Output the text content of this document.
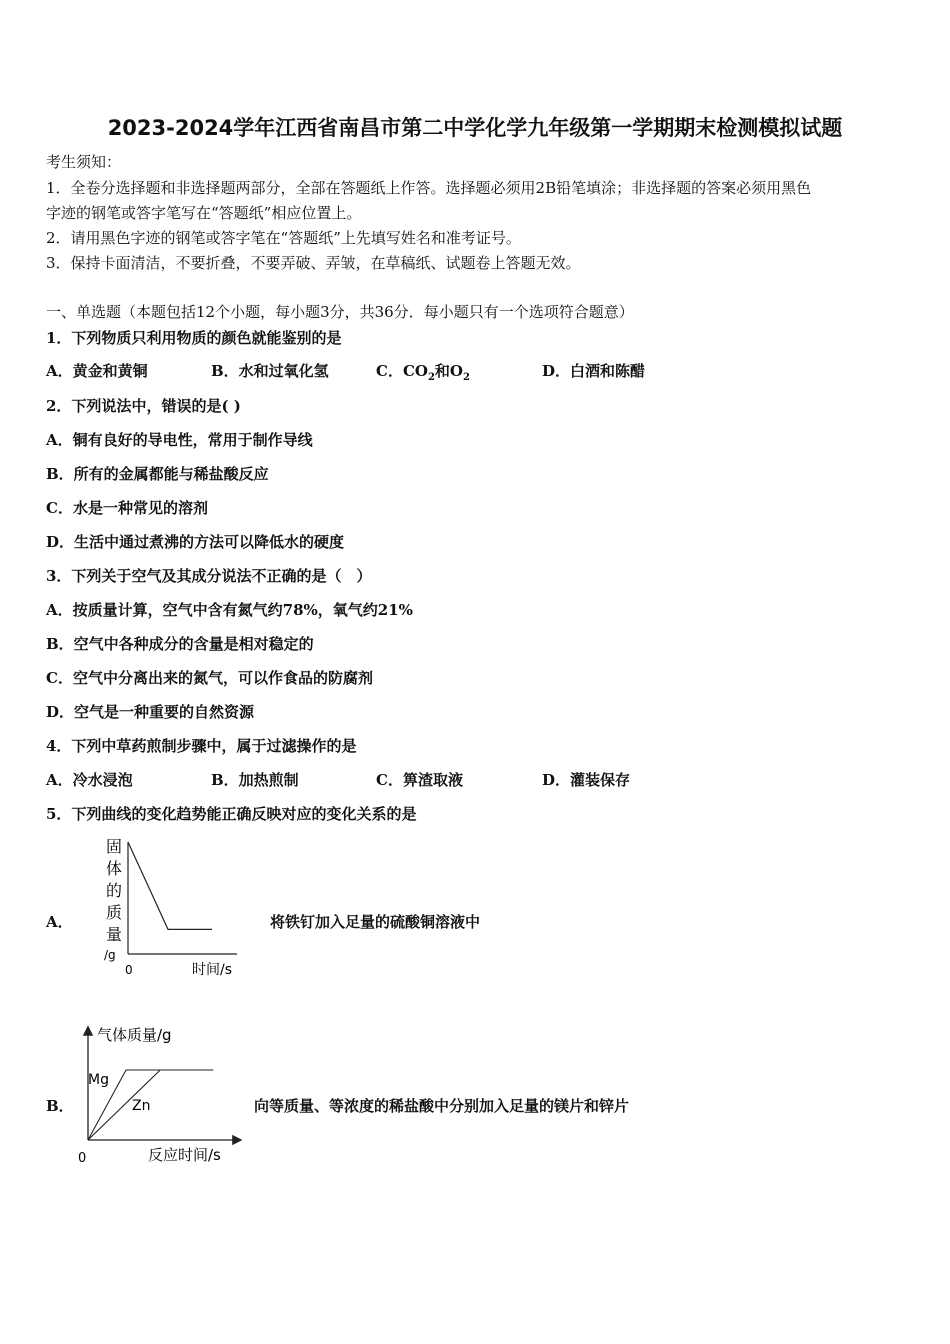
2023-2024学年江西省南昌市第二中学化学九年级第一学期期末检测模拟试题
考生须知：
1．全卷分选择题和非选择题两部分，全部在答题纸上作答。选择题必须用2B铅笔填涂；非选择题的答案必须用黑色
字迹的钢笔或答字笔写在“答题纸”相应位置上。
2．请用黑色字迹的钢笔或答字笔在“答题纸”上先填写姓名和准考证号。
3．保持卡面清洁，不要折叠，不要弄破、弄皱，在草稿纸、试题卷上答题无效。
一、单选题（本题包括12个小题，每小题3分，共36分．每小题只有一个选项符合题意）
1．下列物质只利用物质的颜色就能鉴别的是
A．黄金和黄铜	B．水和过氧化氢	C．$CO_2$和$O_2$	D．白酒和陈醋
2．下列说法中，错误的是( )
A．铜有良好的导电性，常用于制作导线
B．所有的金属都能与稀盐酸反应
C．水是一种常见的溶剂
D．生活中通过煮沸的方法可以降低水的硬度
3．下列关于空气及其成分说法不正确的是（　）
A．按质量计算，空气中含有氮气约78%，氧气约21%
B．空气中各种成分的含量是相对稳定的
C．空气中分离出来的氮气，可以作食品的防腐剂
D．空气是一种重要的自然资源
4．下列中草药煎制步骤中，属于过滤操作的是
A．冷水浸泡	B．加热煎制	C．箅渣取液	D．灌装保存
5．下列曲线的变化趋势能正确反映对应的变化关系的是
A．
固
体
的
质
量
/g
0	时间/s
将铁钉加入足量的硫酸铜溶液中
B．
气体质量/g
Mg
Zn
0	反应时间/s
向等质量、等浓度的稀盐酸中分别加入足量的镁片和锌片
